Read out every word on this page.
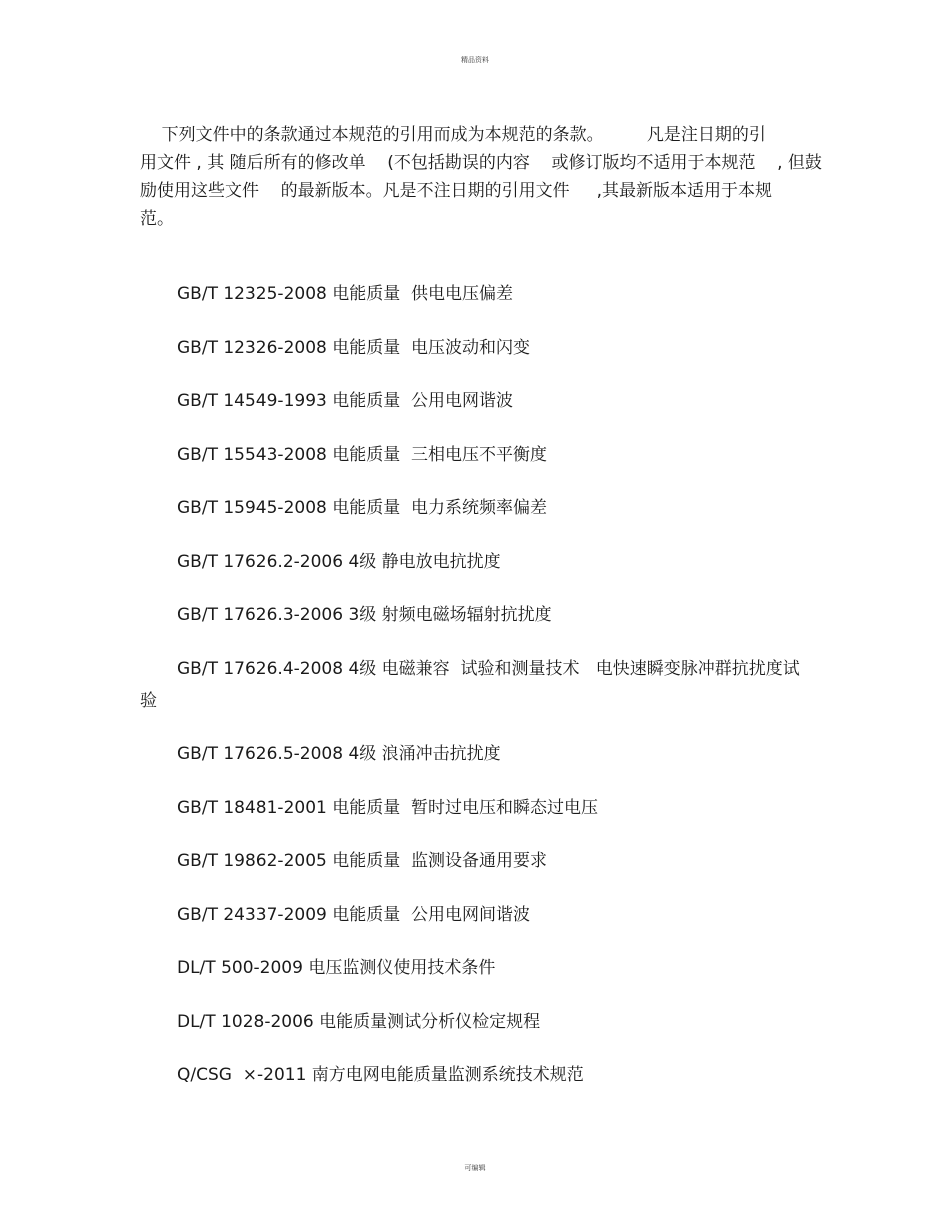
精品资料
下列文件中的条款通过本规范的引用而成为本规范的条款。        凡是注日期的引
用文件 , 其 随后所有的修改单    (不包括勘误的内容    或修订版均不适用于本规范    , 但鼓
励使用这些文件    的最新版本。凡是不注日期的引用文件     ,其最新版本适用于本规
范。
GB/T 12325-2008 电能质量  供电电压偏差
GB/T 12326-2008 电能质量  电压波动和闪变
GB/T 14549-1993 电能质量  公用电网谐波
GB/T 15543-2008 电能质量  三相电压不平衡度
GB/T 15945-2008 电能质量  电力系统频率偏差
GB/T 17626.2-2006 4级 静电放电抗扰度
GB/T 17626.3-2006 3级 射频电磁场辐射抗扰度
GB/T 17626.4-2008 4级 电磁兼容  试验和测量技术   电快速瞬变脉冲群抗扰度试
验
GB/T 17626.5-2008 4级 浪涌冲击抗扰度
GB/T 18481-2001 电能质量  暂时过电压和瞬态过电压
GB/T 19862-2005 电能质量  监测设备通用要求
GB/T 24337-2009 电能质量  公用电网间谐波
DL/T 500-2009 电压监测仪使用技术条件
DL/T 1028-2006 电能质量测试分析仪检定规程
Q/CSG  ×-2011 南方电网电能质量监测系统技术规范
可编辑
